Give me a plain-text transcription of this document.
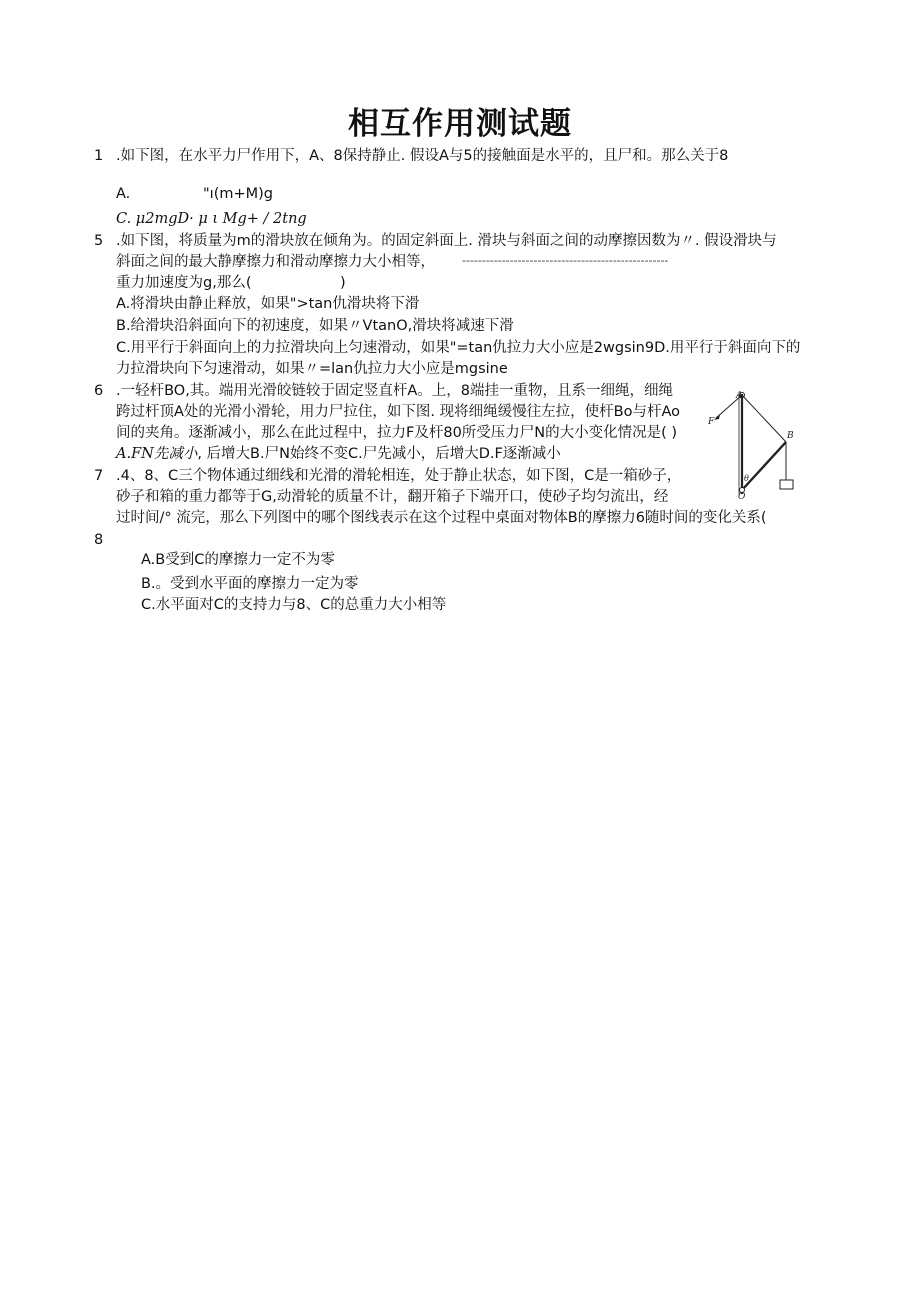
相互作用测试题
1 .如下图，在水平力尸作用下，A、8保持静止. 假设A与5的接触面是水平的，且尸和。那么关于8
A.	"ı(m+M)g
C. μ2mgD· μ ι Mg+ / 2tng
5 .如下图，将质量为m的滑块放在倾角为。的固定斜面上. 滑块与斜面之间的动摩擦因数为〃. 假设滑块与
斜面之间的最大静摩擦力和滑动摩擦力大小相等， ----------------------------------------------------
重力加速度为g,那么(	)
A.将滑块由静止释放，如果">tan仇滑块将下滑
B.给滑块沿斜面向下的初速度，如果〃VtanO,滑块将减速下滑
C.用平行于斜面向上的力拉滑块向上匀速滑动，如果"=tan仇拉力大小应是2wgsin9D.用平行于斜面向下的
力拉滑块向下匀速滑动，如果〃=lan仇拉力大小应是mgsine
6 .一轻杆BO,其。端用光滑皎链较于固定竖直杆A。上，8端挂一重物，且系一细绳，细绳
跨过杆顶A处的光滑小滑轮，用力尸拉住，如下图. 现将细绳缓慢往左拉，使杆Bo与杆Ao
间的夹角。逐渐减小，那么在此过程中，拉力F及杆80所受压力尸N的大小变化情况是( )
A.FN先减小, 后增大B.尸N始终不变C.尸先减小，后增大D.F逐渐减小
7 .4、8、C三个物体通过细线和光滑的滑轮相连，处于静止状态，如下图，C是一箱砂子，
砂子和箱的重力都等于G,动滑轮的质量不计，翻开箱子下端开口，使砂子均匀流出，经
过时间/° 流完，那么下列图中的哪个图线表示在这个过程中桌面对物体B的摩擦力6随时间的变化关系(
8
A.B受到C的摩擦力一定不为零
B.。受到水平面的摩擦力一定为零
C.水平面对C的支持力与8、C的总重力大小相等
A
B
F
θ
O
